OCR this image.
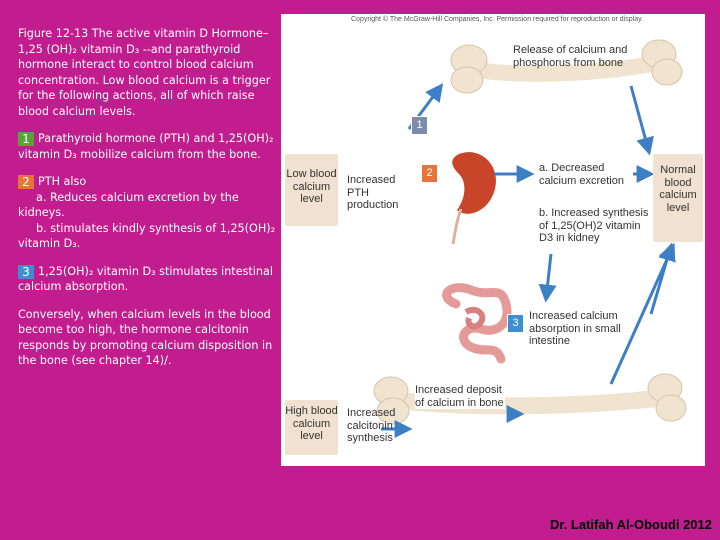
Figure 12-13 The active vitamin D Hormone– 1,25 (OH)₂ vitamin D₃ --and parathyroid hormone interact to control blood calcium concentration. Low blood calcium is a trigger for the following actions, all of which raise blood calcium levels.

1 Parathyroid hormone (PTH) and 1,25(OH)₂ vitamin D₃ mobilize calcium from the bone.

2 PTH also
a. Reduces calcium excretion by the kidneys.
b. stimulates kindly synthesis of 1,25(OH)₂ vitamin D₃.

3 1,25(OH)₂ vitamin D₃ stimulates intestinal calcium absorption.

Conversely, when calcium levels in the blood become too high, the hormone calcitonin responds by promoting calcium disposition in the bone (see chapter 14)/.

Copyright © The McGraw-Hill Companies, Inc. Permission required for reproduction or display.
Release of calcium and phosphorus from bone
1
2
3
Low blood calcium level
Increased PTH production
a. Decreased calcium excretion
b. Increased synthesis of 1,25(OH)2 vitamin D3 in kidney
Normal blood calcium level
Increased calcium absorption in small intestine
High blood calcium level
Increased calcitonin synthesis
Increased deposit of calcium in bone
Dr. Latifah Al-Oboudi 2012
